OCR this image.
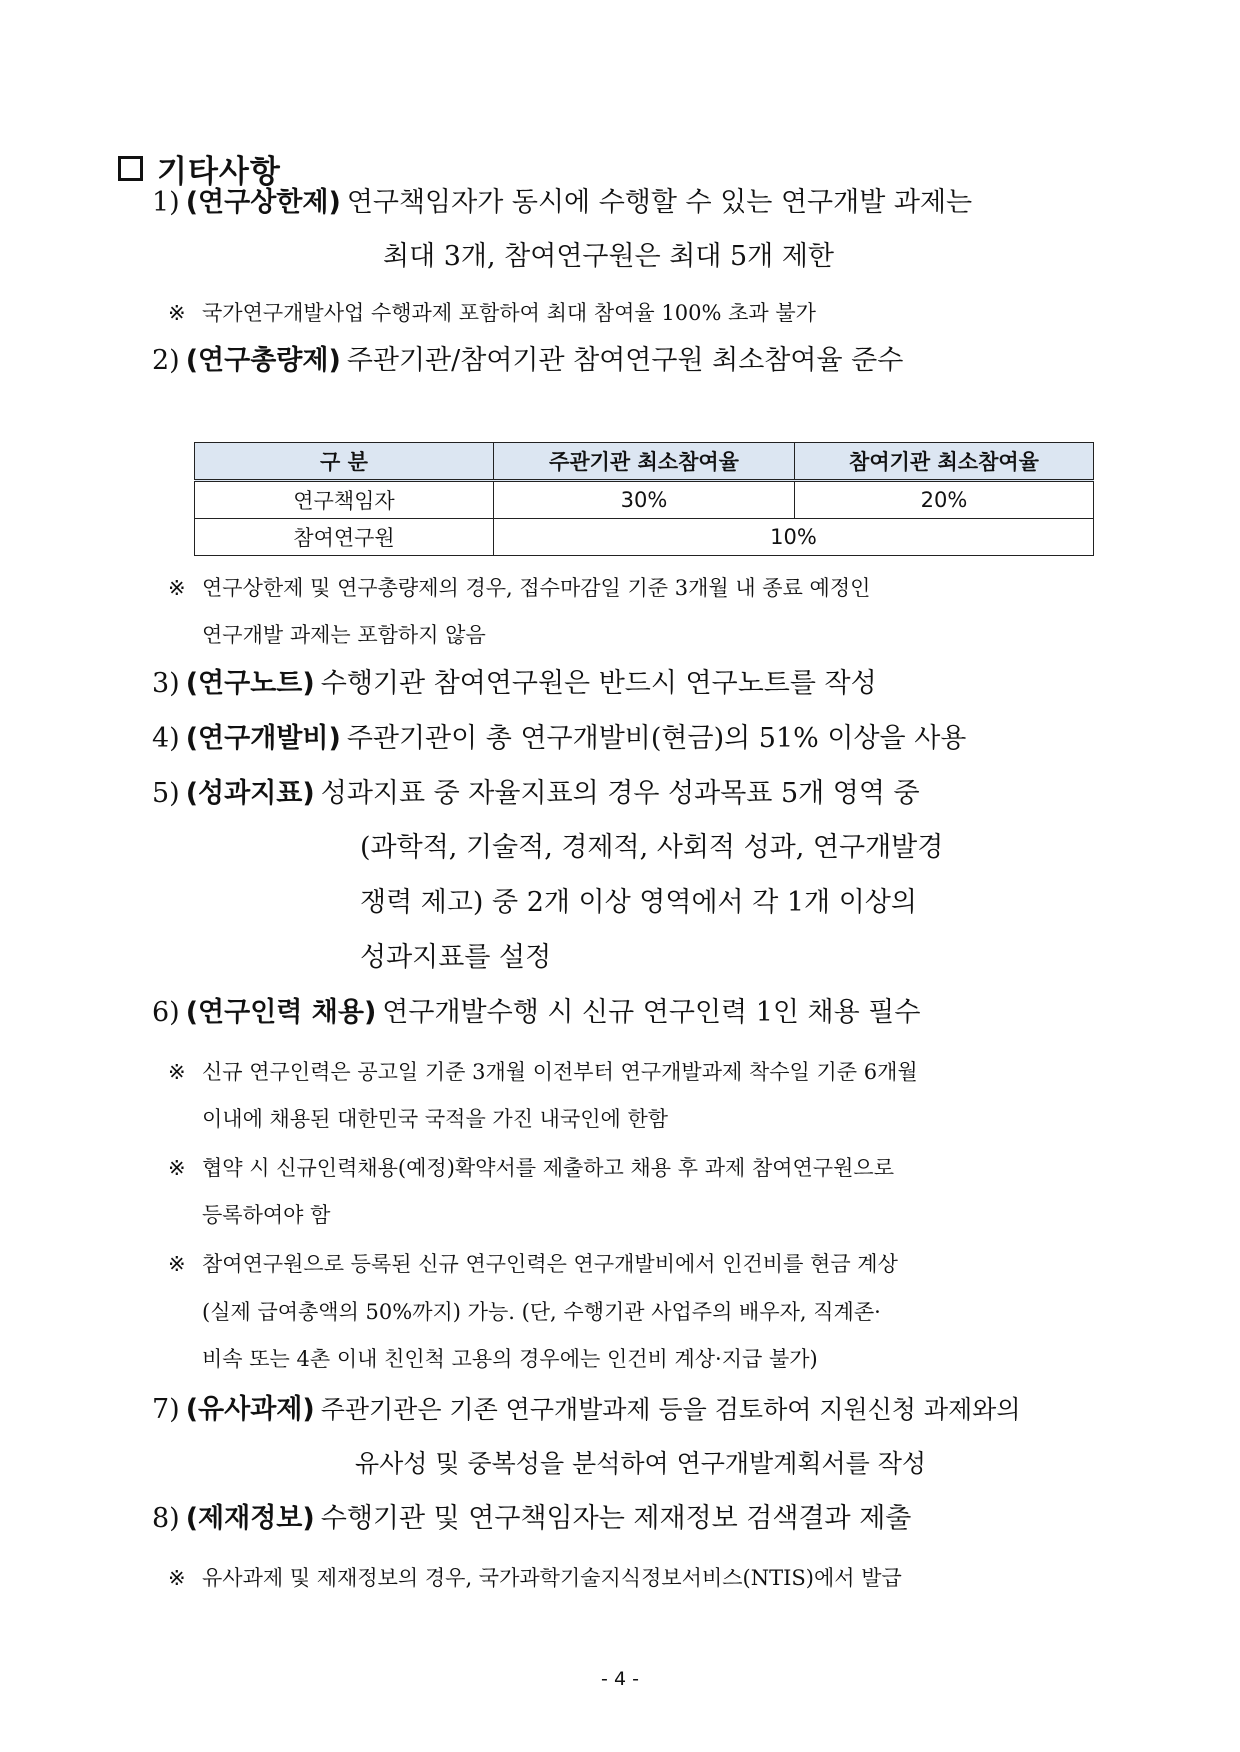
기타사항
1) (연구상한제) 연구책임자가 동시에 수행할 수 있는 연구개발 과제는
최대 3개, 참여연구원은 최대 5개 제한
※ 국가연구개발사업 수행과제 포함하여 최대 참여율 100% 초과 불가
2) (연구총량제) 주관기관/참여기관 참여연구원 최소참여율 준수
구 분	주관기관 최소참여율	참여기관 최소참여율
연구책임자	30%	20%
참여연구원	10%	
※ 연구상한제 및 연구총량제의 경우, 접수마감일 기준 3개월 내 종료 예정인
연구개발 과제는 포함하지 않음
3) (연구노트) 수행기관 참여연구원은 반드시 연구노트를 작성
4) (연구개발비) 주관기관이 총 연구개발비(현금)의 51% 이상을 사용
5) (성과지표) 성과지표 중 자율지표의 경우 성과목표 5개 영역 중
(과학적, 기술적, 경제적, 사회적 성과, 연구개발경
쟁력 제고) 중 2개 이상 영역에서 각 1개 이상의
성과지표를 설정
6) (연구인력 채용) 연구개발수행 시 신규 연구인력 1인 채용 필수
※ 신규 연구인력은 공고일 기준 3개월 이전부터 연구개발과제 착수일 기준 6개월
이내에 채용된 대한민국 국적을 가진 내국인에 한함
※ 협약 시 신규인력채용(예정)확약서를 제출하고 채용 후 과제 참여연구원으로
등록하여야 함
※ 참여연구원으로 등록된 신규 연구인력은 연구개발비에서 인건비를 현금 계상
(실제 급여총액의 50%까지) 가능. (단, 수행기관 사업주의 배우자, 직계존·
비속 또는 4촌 이내 친인척 고용의 경우에는 인건비 계상·지급 불가)
7) (유사과제) 주관기관은 기존 연구개발과제 등을 검토하여 지원신청 과제와의
유사성 및 중복성을 분석하여 연구개발계획서를 작성
8) (제재정보) 수행기관 및 연구책임자는 제재정보 검색결과 제출
※ 유사과제 및 제재정보의 경우, 국가과학기술지식정보서비스(NTIS)에서 발급
- 4 -
